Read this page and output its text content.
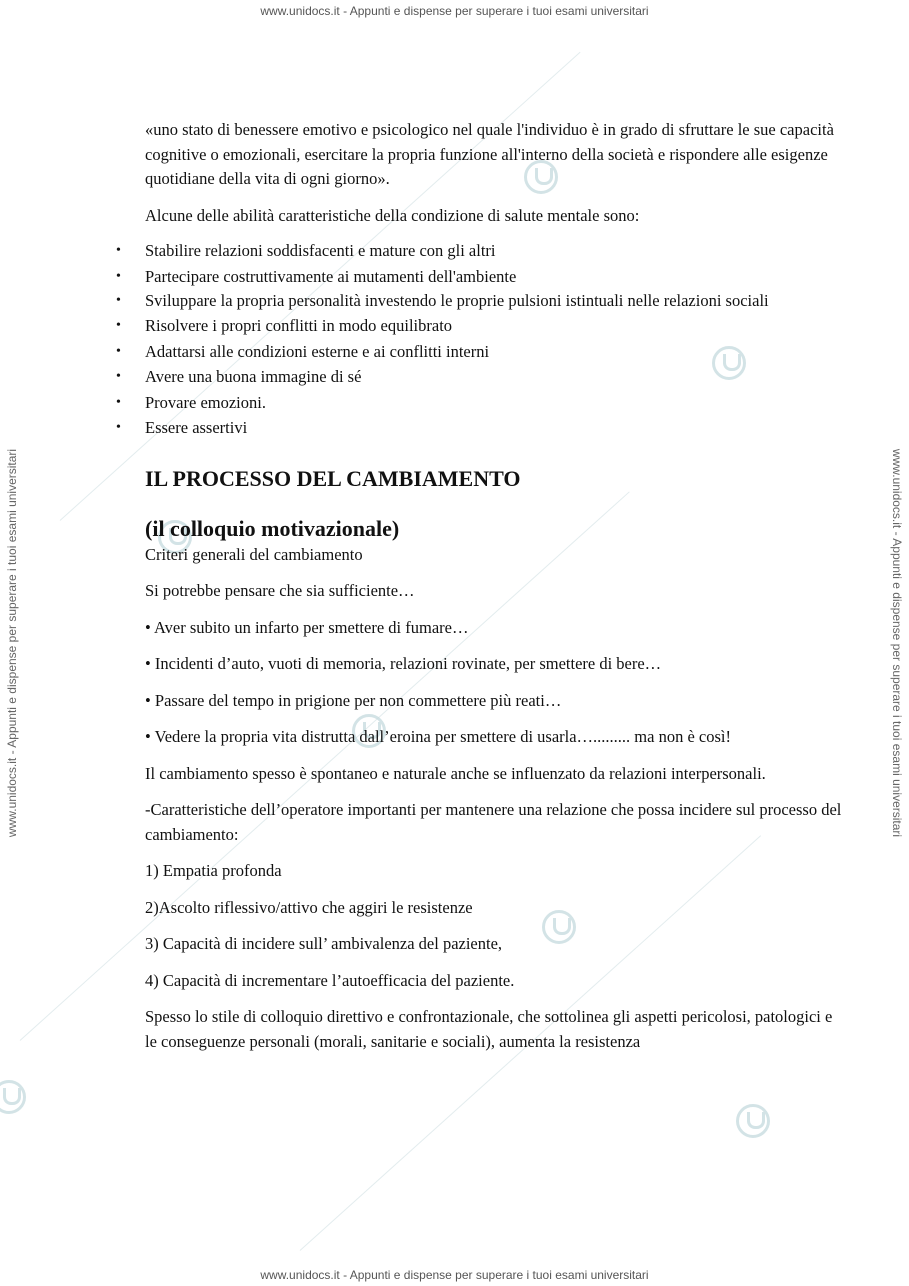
www.unidocs.it - Appunti e dispense per superare i tuoi esami universitari
www.unidocs.it - Appunti e dispense per superare i tuoi esami universitari
www.unidocs.it - Appunti e dispense per superare i tuoi esami universitari	www.unidocs.it - Appunti e dispense per superare i tuoi esami universitari

«uno stato di benessere emotivo e psicologico nel quale l'individuo è in grado di sfruttare le sue capacità cognitive o emozionali, esercitare la propria funzione all'interno della società e rispondere alle esigenze quotidiane della vita di ogni giorno».

Alcune delle abilità caratteristiche della condizione di salute mentale sono:

• Stabilire relazioni soddisfacenti e mature con gli altri
• Partecipare costruttivamente ai mutamenti dell'ambiente
• Sviluppare la propria personalità investendo le proprie pulsioni istintuali nelle relazioni sociali
• Risolvere i propri conflitti in modo equilibrato
• Adattarsi alle condizioni esterne e ai conflitti interni
• Avere una buona immagine di sé
• Provare emozioni.
• Essere assertivi
IL PROCESSO DEL CAMBIAMENTO
(il colloquio motivazionale)

Criteri generali del cambiamento

Si potrebbe pensare che sia sufficiente…

• Aver subito un infarto per smettere di fumare…

• Incidenti d’auto, vuoti di memoria, relazioni rovinate, per smettere di bere…

• Passare del tempo in prigione per non commettere più reati…

• Vedere la propria vita distrutta dall’eroina per smettere di usarla…......... ma non è così!

Il cambiamento spesso è spontaneo e naturale anche se influenzato da relazioni interpersonali.

-Caratteristiche dell’operatore importanti per mantenere una relazione che possa incidere sul processo del cambiamento:

1) Empatia profonda

2)Ascolto riflessivo/attivo che aggiri le resistenze

3) Capacità di incidere sull’ ambivalenza del paziente,

4) Capacità di incrementare l’autoefficacia del paziente.

Spesso lo stile di colloquio direttivo e confrontazionale, che sottolinea gli aspetti pericolosi, patologici e le conseguenze personali (morali, sanitarie e sociali), aumenta la resistenza
